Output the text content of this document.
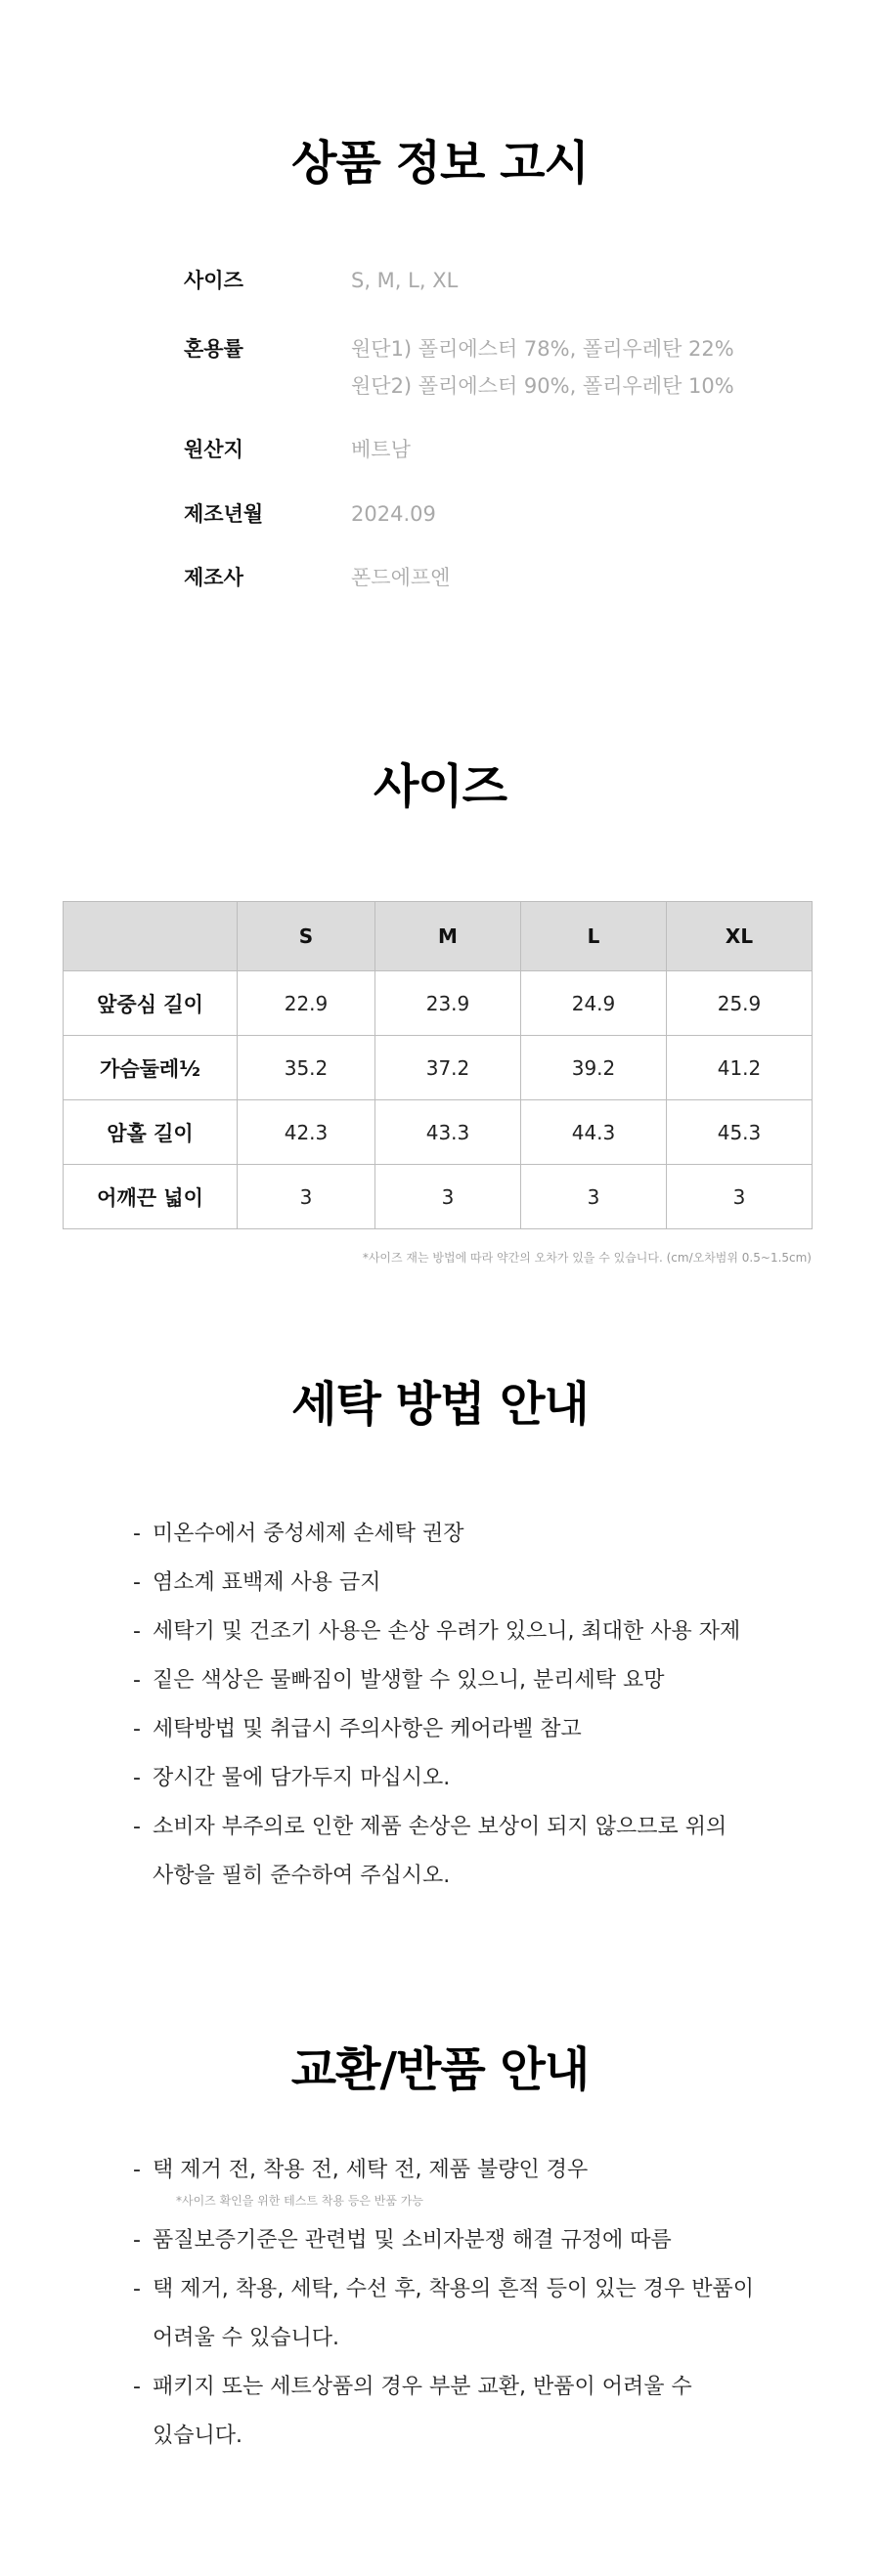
상품 정보 고시
사이즈	S, M, L, XL
혼용률	원단1) 폴리에스터 78%, 폴리우레탄 22%
원단2) 폴리에스터 90%, 폴리우레탄 10%
원산지	베트남
제조년월	2024.09
제조사	폰드에프엔
사이즈
	S	M	L	XL
앞중심 길이	22.9	23.9	24.9	25.9
가슴둘레½	35.2	37.2	39.2	41.2
암홀 길이	42.3	43.3	44.3	45.3
어깨끈 넓이	3	3	3	3
*사이즈 재는 방법에 따라 약간의 오차가 있을 수 있습니다. (cm/오차범위 0.5~1.5cm)
세탁 방법 안내
- 미온수에서 중성세제 손세탁 권장
- 염소계 표백제 사용 금지
- 세탁기 및 건조기 사용은 손상 우려가 있으니, 최대한 사용 자제
- 짙은 색상은 물빠짐이 발생할 수 있으니, 분리세탁 요망
- 세탁방법 및 취급시 주의사항은 케어라벨 참고
- 장시간 물에 담가두지 마십시오.
- 소비자 부주의로 인한 제품 손상은 보상이 되지 않으므로 위의
사항을 필히 준수하여 주십시오.
교환/반품 안내
- 택 제거 전, 착용 전, 세탁 전, 제품 불량인 경우
*사이즈 확인을 위한 테스트 착용 등은 반품 가능
- 품질보증기준은 관련법 및 소비자분쟁 해결 규정에 따름
- 택 제거, 착용, 세탁, 수선 후, 착용의 흔적 등이 있는 경우 반품이
어려울 수 있습니다.
- 패키지 또는 세트상품의 경우 부분 교환, 반품이 어려울 수
있습니다.
